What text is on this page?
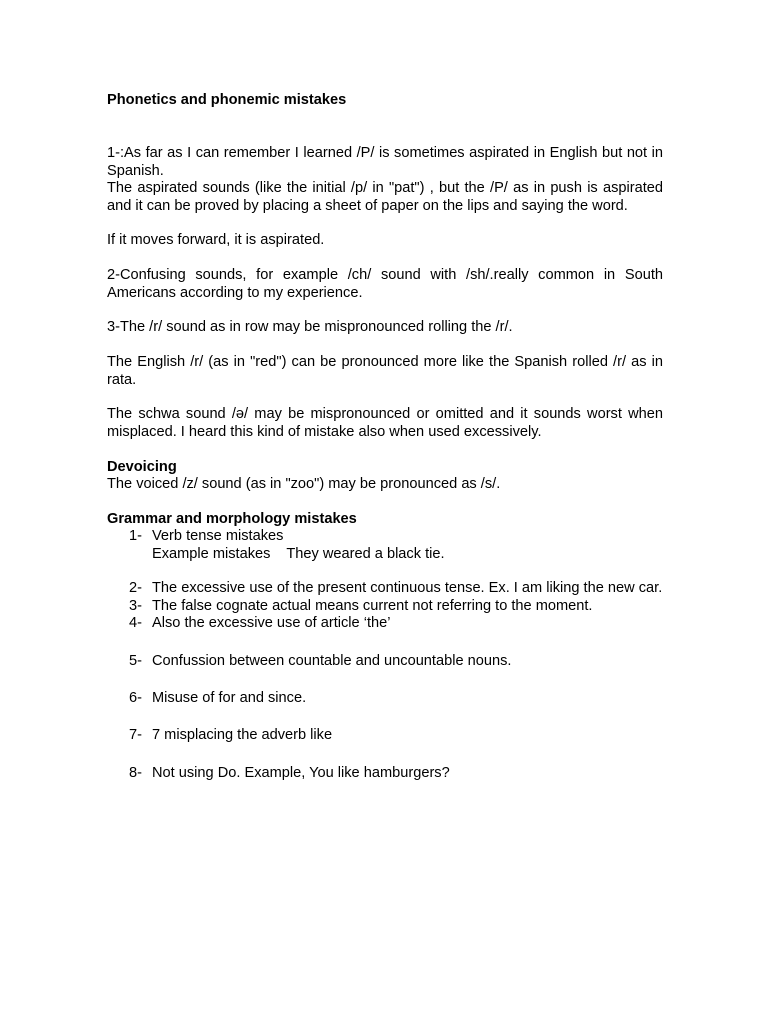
Phonetics and phonemic mistakes

1-:As far as I can remember I learned /P/ is sometimes aspirated in English but not in Spanish.

The aspirated sounds (like the initial /p/ in "pat") , but the /P/ as in push is aspirated and it can be proved by placing a sheet of paper on the lips and saying the word.

If it moves forward, it is aspirated.

2-Confusing sounds, for example /ch/ sound with /sh/.really common in South Americans according to my experience.

3-The /r/ sound as in row may be mispronounced rolling the /r/.

The English /r/ (as in "red") can be pronounced more like the Spanish rolled /r/ as in rata.

The schwa sound /ə/ may be mispronounced or omitted and it sounds worst when misplaced. I heard this kind of mistake also when used excessively.

Devoicing

The voiced /z/ sound (as in "zoo") may be pronounced as /s/.

Grammar and morphology mistakes

1- Verb tense mistakes
Example mistakes    They weared a black tie.
2- The excessive use of the present continuous tense. Ex. I am liking the new car.
3- The false cognate actual means current not referring to the moment.
4- Also the excessive use of article ‘the’
5- Confussion between countable and uncountable nouns.
6- Misuse of for and since.
7- 7 misplacing the adverb like
8- Not using Do. Example, You like hamburgers?
